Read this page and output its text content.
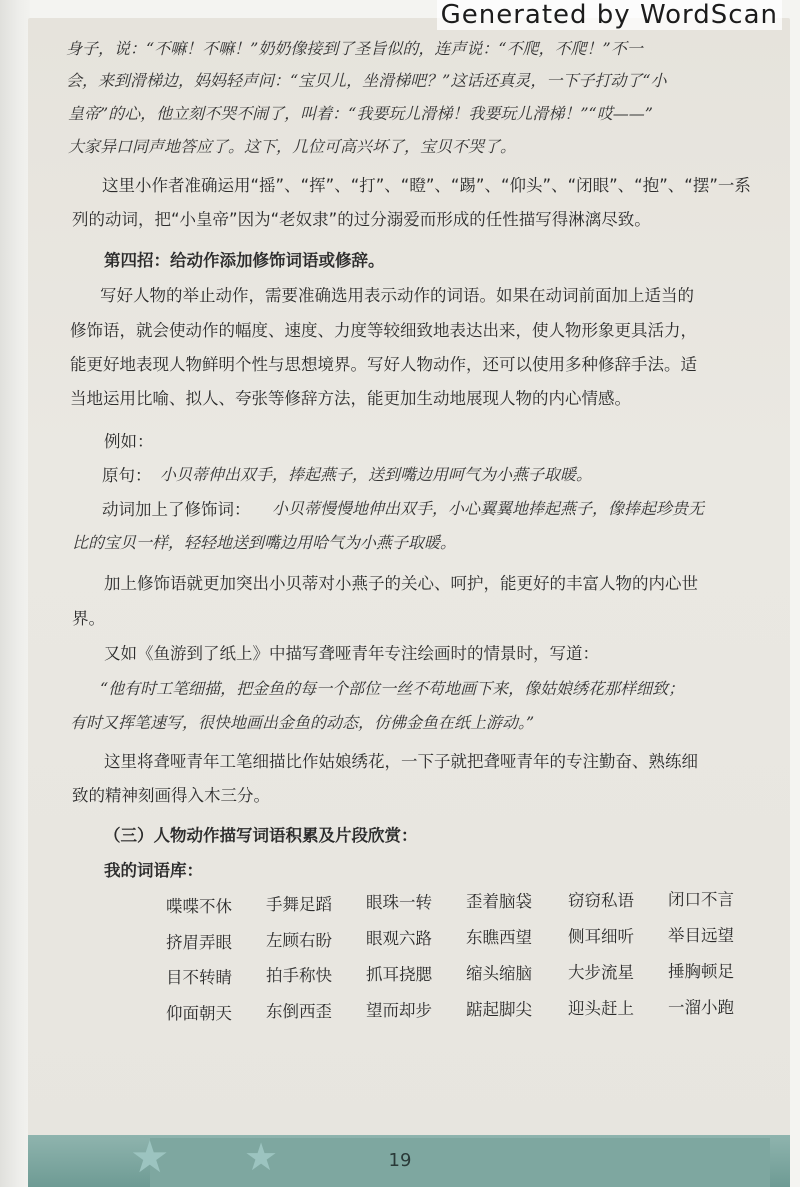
身子，说：“不嘛！不嘛！”奶奶像接到了圣旨似的，连声说：“不爬，不爬！”不一
会，来到滑梯边，妈妈轻声问：“宝贝儿，坐滑梯吧？”这话还真灵，一下子打动了“小
皇帝”的心，他立刻不哭不闹了，叫着：“我要玩儿滑梯！我要玩儿滑梯！”“哎——”
大家异口同声地答应了。这下，几位可高兴坏了，宝贝不哭了。
这里小作者准确运用“摇”、“挥”、“打”、“瞪”、“踢”、“仰头”、“闭眼”、“抱”、“摆”一系
列的动词，把“小皇帝”因为“老奴隶”的过分溺爱而形成的任性描写得淋漓尽致。
第四招：给动作添加修饰词语或修辞。
写好人物的举止动作，需要准确选用表示动作的词语。如果在动词前面加上适当的
修饰语，就会使动作的幅度、速度、力度等较细致地表达出来，使人物形象更具活力，
能更好地表现人物鲜明个性与思想境界。写好人物动作，还可以使用多种修辞手法。适
当地运用比喻、拟人、夸张等修辞方法，能更加生动地展现人物的内心情感。
例如：
原句： 小贝蒂伸出双手，捧起燕子，送到嘴边用呵气为小燕子取暖。
动词加上了修饰词： 小贝蒂慢慢地伸出双手，小心翼翼地捧起燕子，像捧起珍贵无
比的宝贝一样，轻轻地送到嘴边用哈气为小燕子取暖。
加上修饰语就更加突出小贝蒂对小燕子的关心、呵护，能更好的丰富人物的内心世
界。
又如《鱼游到了纸上》中描写聋哑青年专注绘画时的情景时，写道：
“他有时工笔细描，把金鱼的每一个部位一丝不苟地画下来，像姑娘绣花那样细致；
有时又挥笔速写，很快地画出金鱼的动态，仿佛金鱼在纸上游动。”
这里将聋哑青年工笔细描比作姑娘绣花，一下子就把聋哑青年的专注勤奋、熟练细
致的精神刻画得入木三分。
（三）人物动作描写词语积累及片段欣赏：
我的词语库：
喋喋不休 手舞足蹈 眼珠一转 歪着脑袋 窃窃私语 闭口不言
挤眉弄眼 左顾右盼 眼观六路 东瞧西望 侧耳细听 举目远望
目不转睛 拍手称快 抓耳挠腮 缩头缩脑 大步流星 捶胸顿足
仰面朝天 东倒西歪 望而却步 踮起脚尖 迎头赶上 一溜小跑
★ ★	19
Generated by WordScan
